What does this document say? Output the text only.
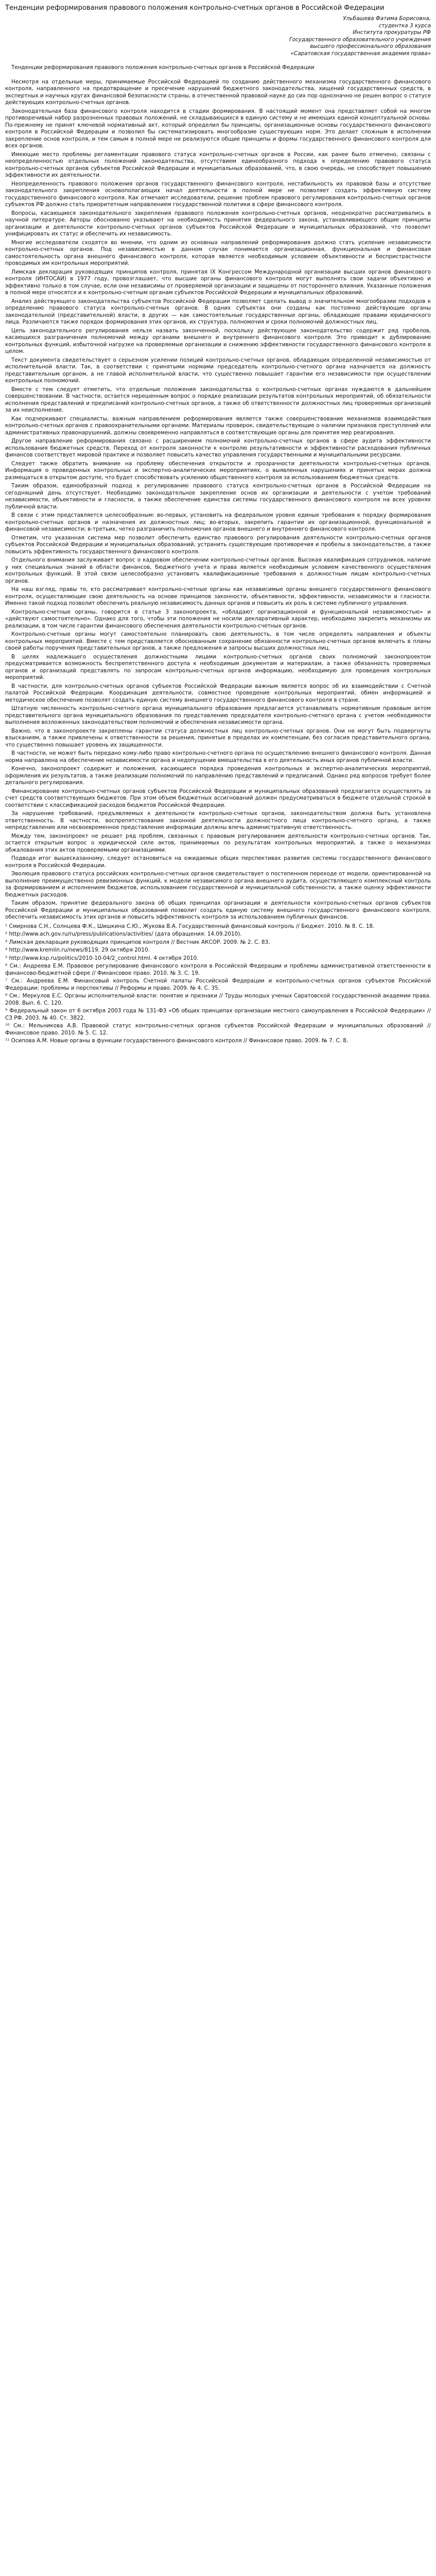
Тенденции реформирования правового положения контрольно-счетных органов в Российской Федерации
Ульбашева Фатима Борисовна,
студентка 3 курса
Института прокуратуры РФ
Государственного образовательного учреждения
высшего профессионального образования
«Саратовская государственная академия права»
Тенденции реформирования правового положения контрольно-счетных органов в Российской Федерации

Несмотря на отдельные меры, принимаемые Российской Федерацией по созданию действенного механизма государственного финансового контроля, направленного на предотвращение и пресечение нарушений бюджетного законодательства, хищений государственных средств, в экспертных и научных кругах финансовой безопасности страны, в отечественной правовой науке до сих пор однозначно не решен вопрос о статусе действующих контрольно-счетных органов.

Законодательная база финансового контроля находится в стадии формирования. В настоящий момент она представляет собой на многом противоречивый набор разрозненных правовых положений, не складывающихся в единую систему и не имеющих единой концептуальной основы. По-прежнему не принят ключевой нормативный акт, который определил бы принципы, организационные основы государственного финансового контроля в Российской Федерации и позволил бы систематизировать многообразие существующих норм. Это делает сложным в исполнении закрепление основ контроля, и тем самым в полной мере не реализуются общие принципы и формы государственного финансового контроля для всех органов.

Имеющие место проблемы регламентации правового статуса контрольно-счетных органов в России, как ранее было отмечено, связаны с неопределенностью отдельных положений законодательства, отсутствием единообразного подхода к определению правового статуса контрольно-счетных органов субъектов Российской Федерации и муниципальных образований, что, в свою очередь, не способствует повышению эффективности их деятельности.

Неопределенность правового положения органов государственного финансового контроля, нестабильность их правовой базы и отсутствие законодательного закрепления основополагающих начал деятельности в полной мере не позволяет создать эффективную систему государственного финансового контроля. Как отмечают исследователи, решение проблем правового регулирования контрольно-счетных органов субъектов РФ должно стать приоритетным направлением государственной политики в сфере финансового контроля.

Вопросы, касающиеся законодательного закрепления правового положения контрольно-счетных органов, неоднократно рассматривались в научной литературе. Авторы обоснованно указывают на необходимость принятия федерального закона, устанавливающего общие принципы организации и деятельности контрольно-счетных органов субъектов Российской Федерации и муниципальных образований, что позволит унифицировать их статус и обеспечить их независимость.

Многие исследователи сходятся во мнении, что одним из основных направлений реформирования должно стать усиление независимости контрольно-счетных органов. Под независимостью в данном случае понимается организационная, функциональная и финансовая самостоятельность органа внешнего финансового контроля, которая является необходимым условием объективности и беспристрастности проводимых им контрольных мероприятий.

Лимская декларация руководящих принципов контроля, принятая IX Конгрессом Международной организации высших органов финансового контроля (ИНТОСАИ) в 1977 году, провозглашает, что высшие органы финансового контроля могут выполнять свои задачи объективно и эффективно только в том случае, если они независимы от проверяемой организации и защищены от постороннего влияния. Указанные положения в полной мере относятся и к контрольно-счетным органам субъектов Российской Федерации и муниципальных образований.

Анализ действующего законодательства субъектов Российской Федерации позволяет сделать вывод о значительном многообразии подходов к определению правового статуса контрольно-счетных органов. В одних субъектах они созданы как постоянно действующие органы законодательной (представительной) власти, в других — как самостоятельные государственные органы, обладающие правами юридического лица. Различаются также порядок формирования этих органов, их структура, полномочия и сроки полномочий должностных лиц.

Цепь законодательного регулирования нельзя назвать законченной, поскольку действующее законодательство содержит ряд пробелов, касающихся разграничения полномочий между органами внешнего и внутреннего финансового контроля. Это приводит к дублированию контрольных функций, избыточной нагрузке на проверяемые организации и снижению эффективности государственного финансового контроля в целом.

Текст документа свидетельствует о серьезном усилении позиций контрольно-счетных органов, обладающих определенной независимостью от исполнительной власти. Так, в соответствии с принятыми нормами председатель контрольно-счетного органа назначается на должность представительным органом, а не главой исполнительной власти, что существенно повышает гарантии его независимости при осуществлении контрольных полномочий.

Вместе с тем следует отметить, что отдельные положения законодательства о контрольно-счетных органах нуждаются в дальнейшем совершенствовании. В частности, остается нерешенным вопрос о порядке реализации результатов контрольных мероприятий, об обязательности исполнения представлений и предписаний контрольно-счетных органов, а также об ответственности должностных лиц проверяемых организаций за их неисполнение.

Как подчеркивают специалисты, важным направлением реформирования является также совершенствование механизмов взаимодействия контрольно-счетных органов с правоохранительными органами. Материалы проверок, свидетельствующие о наличии признаков преступлений или административных правонарушений, должны своевременно направляться в соответствующие органы для принятия мер реагирования.

Другое направление реформирования связано с расширением полномочий контрольно-счетных органов в сфере аудита эффективности использования бюджетных средств. Переход от контроля законности к контролю результативности и эффективности расходования публичных финансов соответствует мировой практике и позволяет повысить качество управления государственными и муниципальными ресурсами.

Следует также обратить внимание на проблему обеспечения открытости и прозрачности деятельности контрольно-счетных органов. Информация о проведенных контрольных и экспертно-аналитических мероприятиях, о выявленных нарушениях и принятых мерах должна размещаться в открытом доступе, что будет способствовать усилению общественного контроля за использованием бюджетных средств.

Таким образом, единообразный подход к регулированию правового статуса контрольно-счетных органов в Российской Федерации на сегодняшний день отсутствует. Необходимо законодательное закрепление основ их организации и деятельности с учетом требований независимости, объективности и гласности, а также обеспечение единства системы государственного финансового контроля на всех уровнях публичной власти.

В связи с этим представляется целесообразным: во-первых, установить на федеральном уровне единые требования к порядку формирования контрольно-счетных органов и назначения их должностных лиц; во-вторых, закрепить гарантии их организационной, функциональной и финансовой независимости; в-третьих, четко разграничить полномочия органов внешнего и внутреннего финансового контроля.

Отметим, что указанная система мер позволит обеспечить единство правового регулирования деятельности контрольно-счетных органов субъектов Российской Федерации и муниципальных образований, устранить существующие противоречия и пробелы в законодательстве, а также повысить эффективность государственного финансового контроля.

Отдельного внимания заслуживает вопрос о кадровом обеспечении контрольно-счетных органов. Высокая квалификация сотрудников, наличие у них специальных знаний в области финансов, бюджетного учета и права является необходимым условием качественного осуществления контрольных функций. В этой связи целесообразно установить квалификационные требования к должностным лицам контрольно-счетных органов.

На наш взгляд, правы те, кто рассматривает контрольно-счетные органы как независимые органы внешнего государственного финансового контроля, осуществляющие свою деятельность на основе принципов законности, объективности, эффективности, независимости и гласности. Именно такой подход позволит обеспечить реальную независимость данных органов и повысить их роль в системе публичного управления.

Контрольно-счетные органы, говорится в статье 3 законопроекта, «обладают организационной и функциональной независимостью» и «действуют самостоятельно». Однако для того, чтобы эти положения не носили декларативный характер, необходимо закрепить механизмы их реализации, в том числе гарантии финансового обеспечения деятельности контрольно-счетных органов.

Контрольно-счетные органы могут самостоятельно планировать свою деятельность, в том числе определять направления и объекты контрольных мероприятий. Вместе с тем представляется обоснованным сохранение обязанности контрольно-счетных органов включать в планы своей работы поручения представительных органов, а также предложения и запросы высших должностных лиц.

В целях надлежащего осуществления должностными лицами контрольно-счетных органов своих полномочий законопроектом предусматривается возможность беспрепятственного доступа к необходимым документам и материалам, а также обязанность проверяемых органов и организаций представлять по запросам контрольно-счетных органов информацию, необходимую для проведения контрольных мероприятий.

В частности, для контрольно-счетных органов субъектов Российской Федерации важным является вопрос об их взаимодействии с Счетной палатой Российской Федерации. Координация деятельности, совместное проведение контрольных мероприятий, обмен информацией и методическое обеспечение позволят создать единую систему внешнего государственного финансового контроля в стране.

Штатную численность контрольно-счетного органа муниципального образования предлагается устанавливать нормативным правовым актом представительного органа муниципального образования по представлению председателя контрольно-счетного органа с учетом необходимости выполнения возложенных законодательством полномочий и обеспечения независимости органа.

Важно, что в законопроекте закреплены гарантии статуса должностных лиц контрольно-счетных органов. Они не могут быть подвергнуты взысканиям, а также привлечены к ответственности за решения, принятые в пределах их компетенции, без согласия представительного органа, что существенно повышает уровень их защищенности.

В частности, не может быть передано кому-либо право контрольно-счетного органа по осуществлению внешнего финансового контроля. Данная норма направлена на обеспечение независимости органа и недопущение вмешательства в его деятельность иных органов публичной власти.

Конечно, законопроект содержит и положения, касающиеся порядка проведения контрольных и экспертно-аналитических мероприятий, оформления их результатов, а также реализации полномочий по направлению представлений и предписаний. Однако ряд вопросов требует более детального регулирования.

Финансирование контрольно-счетных органов субъектов Российской Федерации и муниципальных образований предлагается осуществлять за счет средств соответствующих бюджетов. При этом объем бюджетных ассигнований должен предусматриваться в бюджете отдельной строкой в соответствии с классификацией расходов бюджетов Российской Федерации.

За нарушение требований, предъявляемых к деятельности контрольно-счетных органов, законодательством должна быть установлена ответственность. В частности, воспрепятствование законной деятельности должностного лица контрольно-счетного органа, а также непредставление или несвоевременное представление информации должны влечь административную ответственность.

Между тем, законопроект не решает ряд проблем, связанных с правовым регулированием деятельности контрольно-счетных органов. Так, остается открытым вопрос о юридической силе актов, принимаемых по результатам контрольных мероприятий, а также о механизмах обжалования этих актов проверяемыми организациями.

Подводя итог вышесказанному, следует остановиться на ожидаемых общих перспективах развития системы государственного финансового контроля в Российской Федерации.

Эволюция правового статуса российских контрольно-счетных органов свидетельствует о постепенном переходе от модели, ориентированной на выполнение преимущественно ревизионных функций, к модели независимого органа внешнего аудита, осуществляющего комплексный контроль за формированием и исполнением бюджетов, использованием государственной и муниципальной собственности, а также оценку эффективности бюджетных расходов.

Таким образом, принятие федерального закона об общих принципах организации и деятельности контрольно-счетных органов субъектов Российской Федерации и муниципальных образований позволит создать единую систему внешнего государственного финансового контроля, обеспечить независимость этих органов и повысить эффективность контроля за использованием публичных финансов.

¹ Смирнова С.Н., Солнцева Ф.К., Шишкина С.Ю., Жукова В.А. Государственный финансовый контроль // Бюджет. 2010. № 8. С. 18.

² http://www.ach.gov.ru/ru/press/publications/activities/ (дата обращения: 14.09.2010).

³ Лимская декларация руководящих принципов контроля // Вестник АКСОР. 2009. № 2. С. 83.

⁴ http://www.kremlin.ru/news/8119. 29 октября 2010.

⁵ http://www.ksp.ru/politics/2010-10-04/2_control.html. 4 октября 2010.

⁶ См.: Андреева Е.М. Правовое регулирование финансового контроля в Российской Федерации и проблемы административной ответственности в финансово-бюджетной сфере // Финансовое право. 2010. № 3. С. 19.

⁷ См.: Андреева Е.М. Финансовый контроль Счетной палаты Российской Федерации и контрольно-счетных органов субъектов Российской Федерации: проблемы и перспективы // Реформы и право. 2009. № 4. С. 35.

⁸ См.: Меркулов Е.С. Органы исполнительной власти: понятие и признаки // Труды молодых ученых Саратовской государственной академии права. 2008. Вып. 6. С. 120.

⁹ Федеральный закон от 6 октября 2003 года № 131-ФЗ «Об общих принципах организации местного самоуправления в Российской Федерации» // СЗ РФ. 2003. № 40. Ст. 3822.

¹⁰ См.: Мельникова А.В. Правовой статус контрольно-счетных органов субъектов Российской Федерации и муниципальных образований // Финансовое право. 2010. № 5. С. 12.

¹¹ Осипова А.М. Новые органы в функции государственного финансового контроля // Финансовое право. 2009. № 7. С. 8.
